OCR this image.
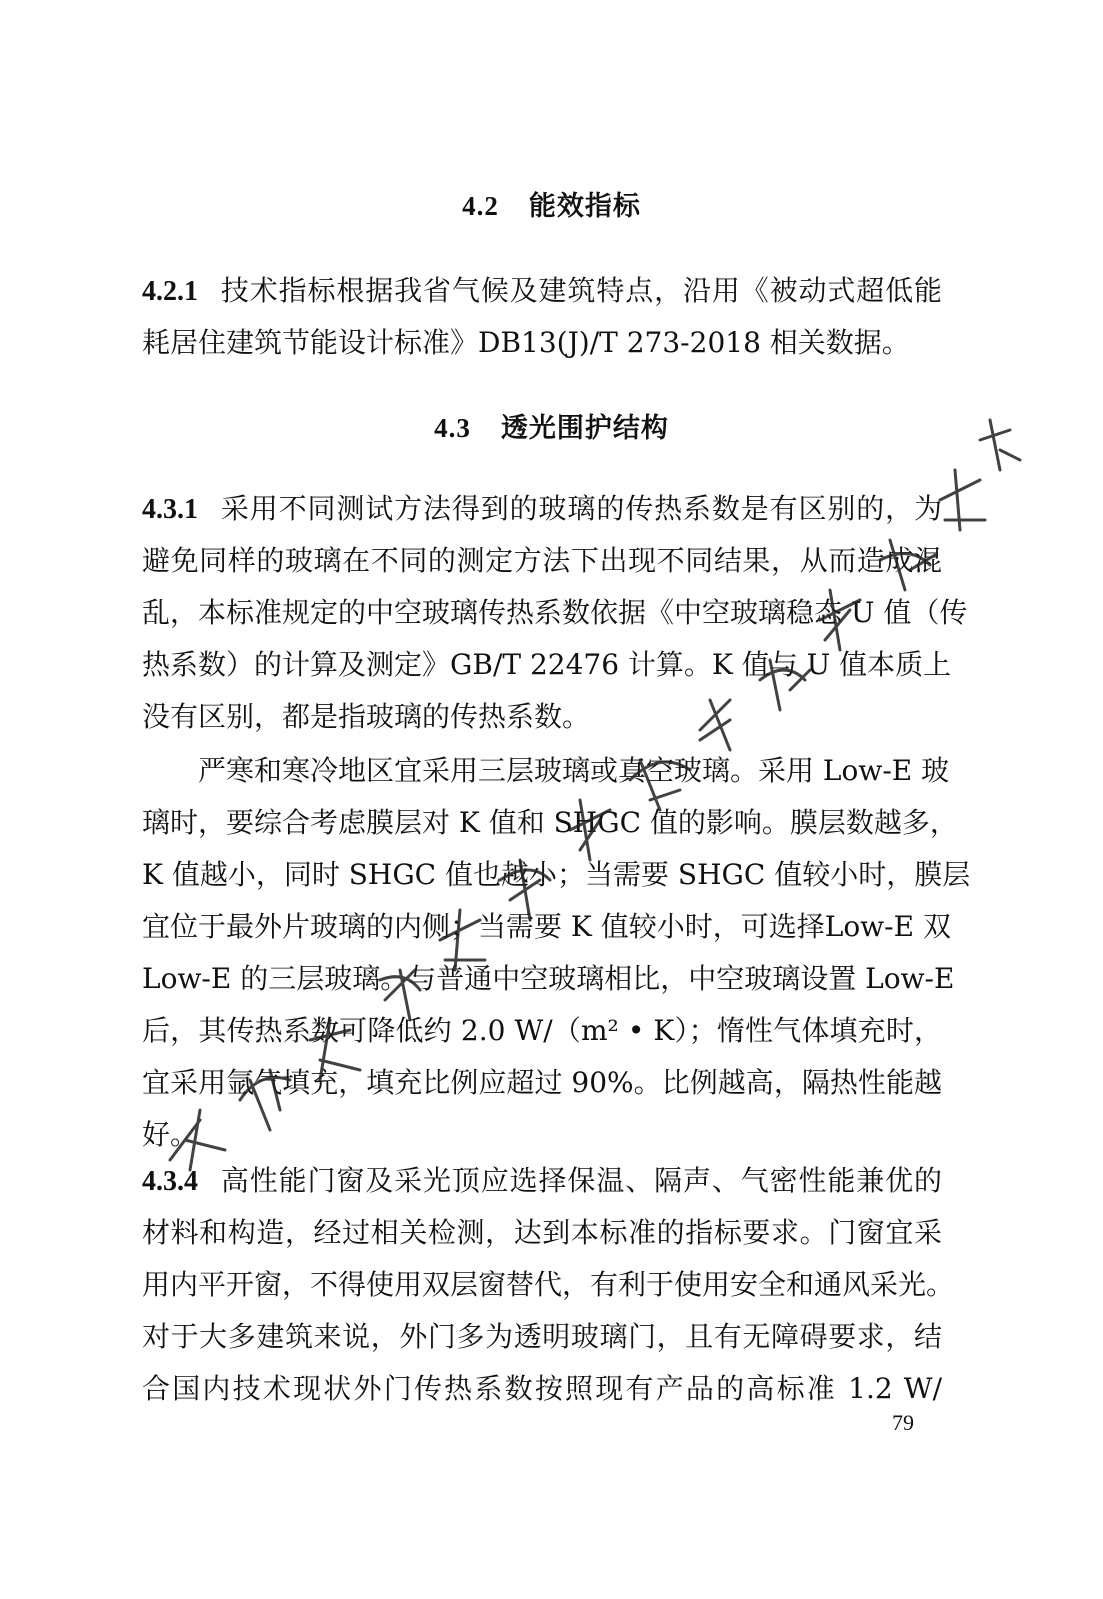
4.2 能效指标
4.2.1 技术指标根据我省气候及建筑特点，沿用《被动式超低能
耗居住建筑节能设计标准》DB13(J)/T 273-2018 相关数据。
4.3 透光围护结构
4.3.1 采用不同测试方法得到的玻璃的传热系数是有区别的，为
避免同样的玻璃在不同的测定方法下出现不同结果，从而造成混
乱，本标准规定的中空玻璃传热系数依据《中空玻璃稳态 U 值（传
热系数）的计算及测定》GB/T 22476 计算。K 值与 U 值本质上
没有区别，都是指玻璃的传热系数。
严寒和寒冷地区宜采用三层玻璃或真空玻璃。采用 Low-E 玻
璃时，要综合考虑膜层对 K 值和 SHGC 值的影响。膜层数越多，
K 值越小，同时 SHGC 值也越小；当需要 SHGC 值较小时，膜层
宜位于最外片玻璃的内侧；当需要 K 值较小时，可选择Low-E 双
Low-E 的三层玻璃。与普通中空玻璃相比，中空玻璃设置 Low-E
后，其传热系数可降低约 2.0 W/（m² • K）；惰性气体填充时，
宜采用氩气填充，填充比例应超过 90%。比例越高，隔热性能越
好。
4.3.4 高性能门窗及采光顶应选择保温、隔声、气密性能兼优的
材料和构造，经过相关检测，达到本标准的指标要求。门窗宜采
用内平开窗，不得使用双层窗替代，有利于使用安全和通风采光。
对于大多建筑来说，外门多为透明玻璃门，且有无障碍要求，结
合国内技术现状外门传热系数按照现有产品的高标准 1.2 W/
79
